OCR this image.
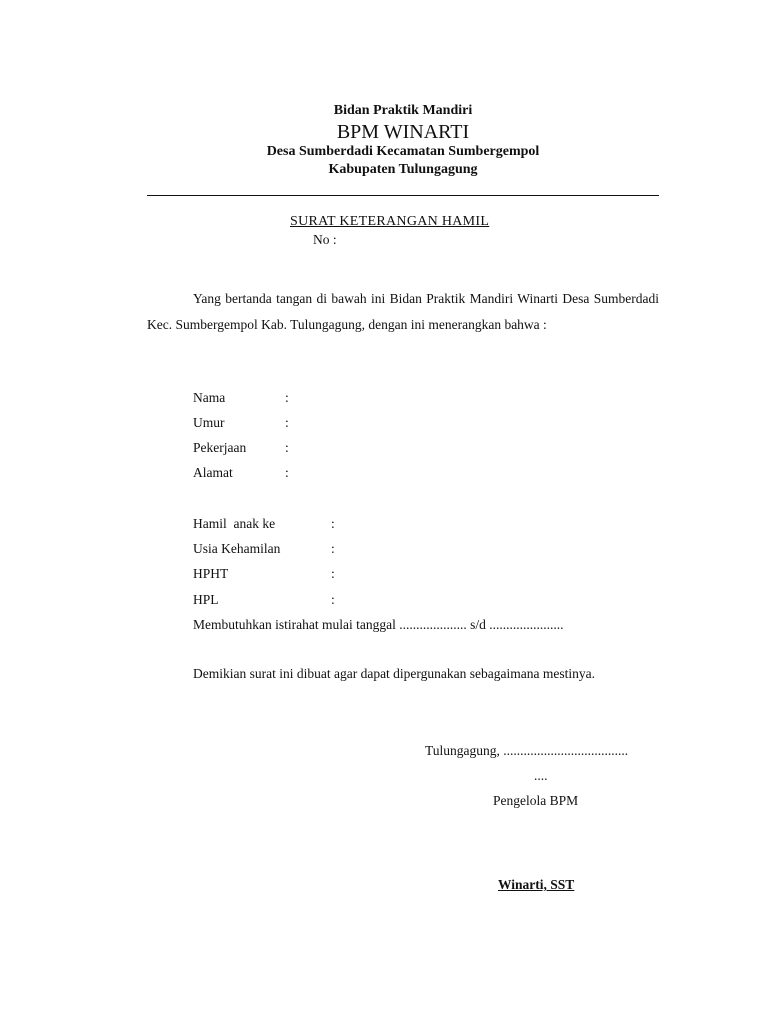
Bidan Praktik Mandiri
BPM WINARTI
Desa Sumberdadi Kecamatan Sumbergempol
Kabupaten Tulungagung
SURAT KETERANGAN HAMIL
No :
Yang bertanda tangan di bawah ini Bidan Praktik Mandiri Winarti Desa Sumberdadi Kec. Sumbergempol Kab. Tulungagung, dengan ini menerangkan bahwa :
Nama	:
Umur	:
Pekerjaan	:
Alamat	:
Hamil  anak ke	:
Usia Kehamilan	:
HPHT	:
HPL	:
Membutuhkan istirahat mulai tanggal .................... s/d ......................
Demikian surat ini dibuat agar dapat dipergunakan sebagaimana mestinya.
Tulungagung, .....................................
....
Pengelola BPM
Winarti, SST
